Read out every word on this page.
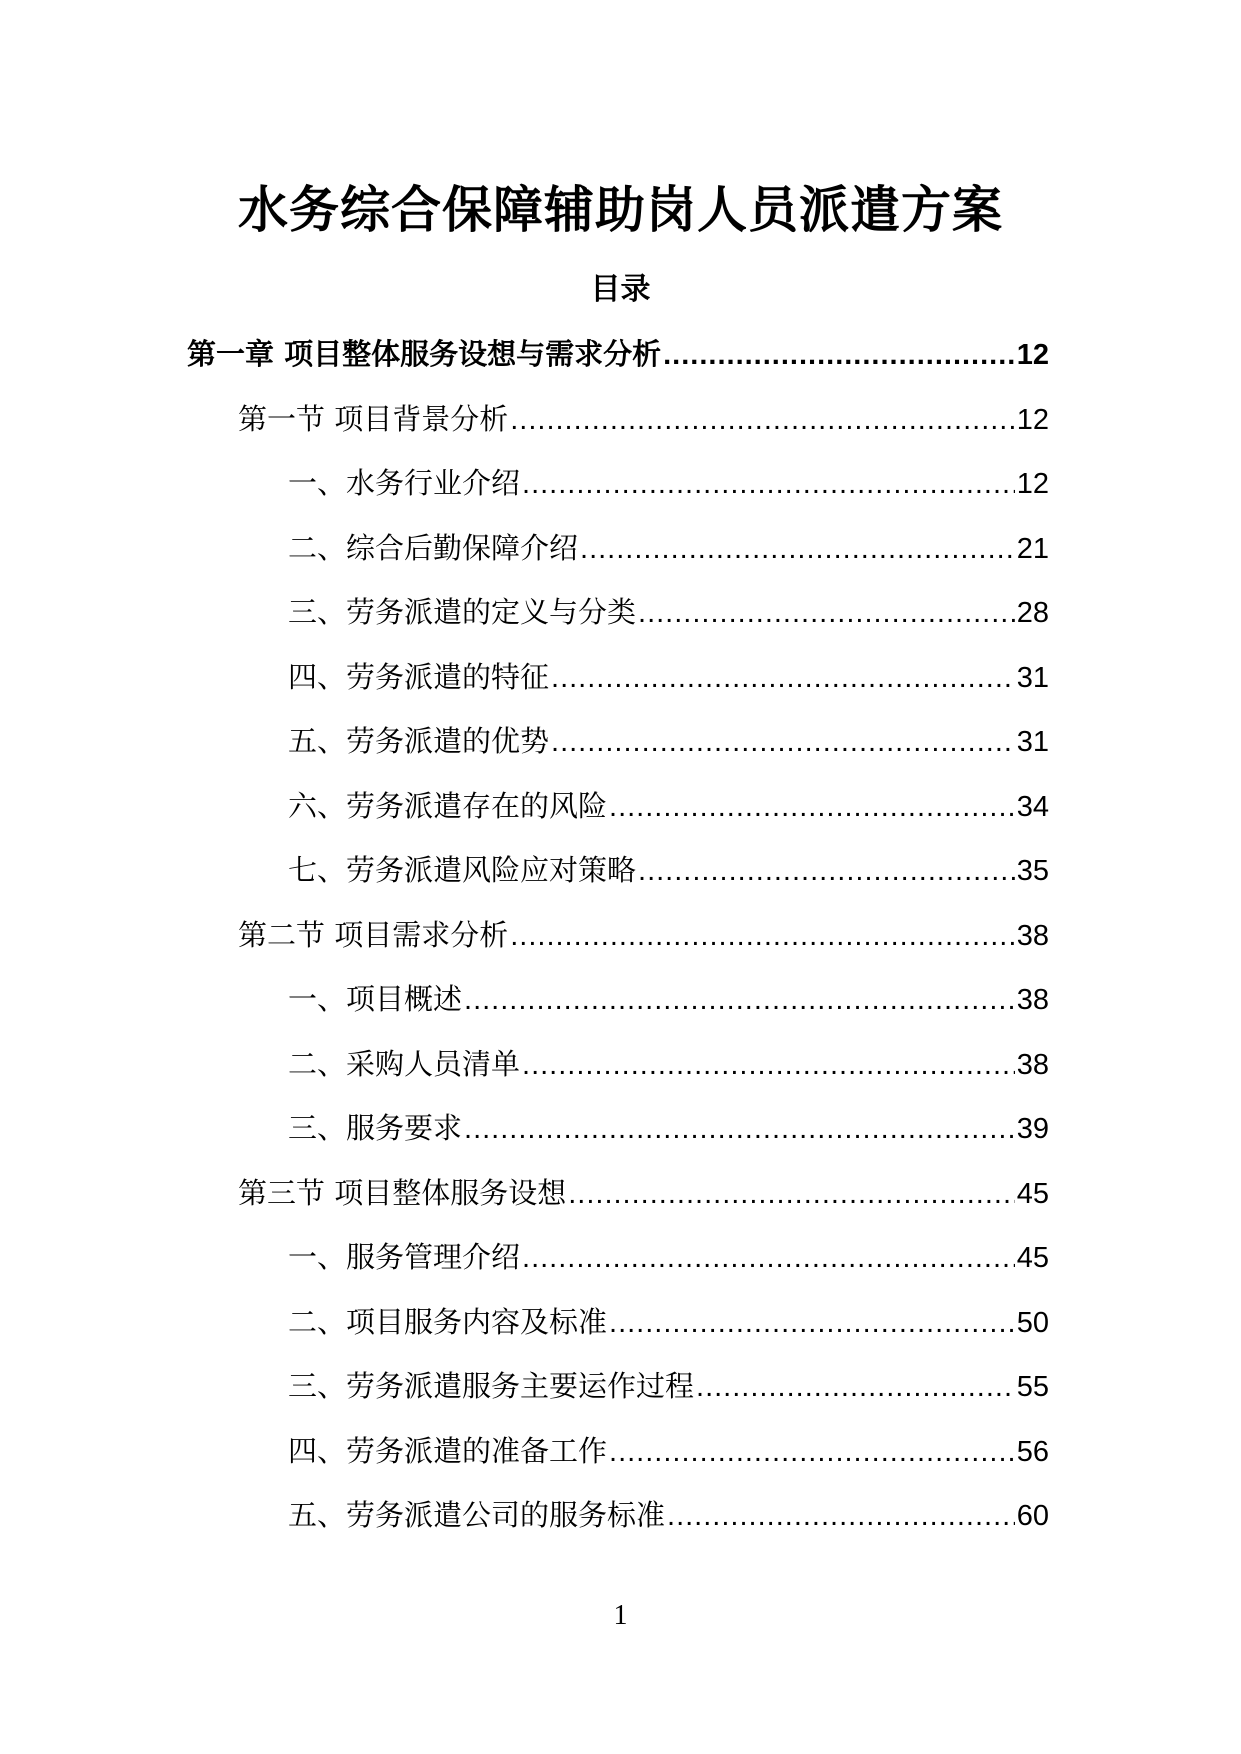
水务综合保障辅助岗人员派遣方案
目录
第一章 项目整体服务设想与需求分析 .....	12
第一节 项目背景分析 .....	12
一、水务行业介绍 .....	12
二、综合后勤保障介绍 .....	21
三、劳务派遣的定义与分类 .....	28
四、劳务派遣的特征 .....	31
五、劳务派遣的优势 .....	31
六、劳务派遣存在的风险 .....	34
七、劳务派遣风险应对策略 .....	35
第二节 项目需求分析 .....	38
一、项目概述 .....	38
二、采购人员清单 .....	38
三、服务要求 .....	39
第三节 项目整体服务设想 .....	45
一、服务管理介绍 .....	45
二、项目服务内容及标准 .....	50
三、劳务派遣服务主要运作过程 .....	55
四、劳务派遣的准备工作 .....	56
五、劳务派遣公司的服务标准 .....	60
1
